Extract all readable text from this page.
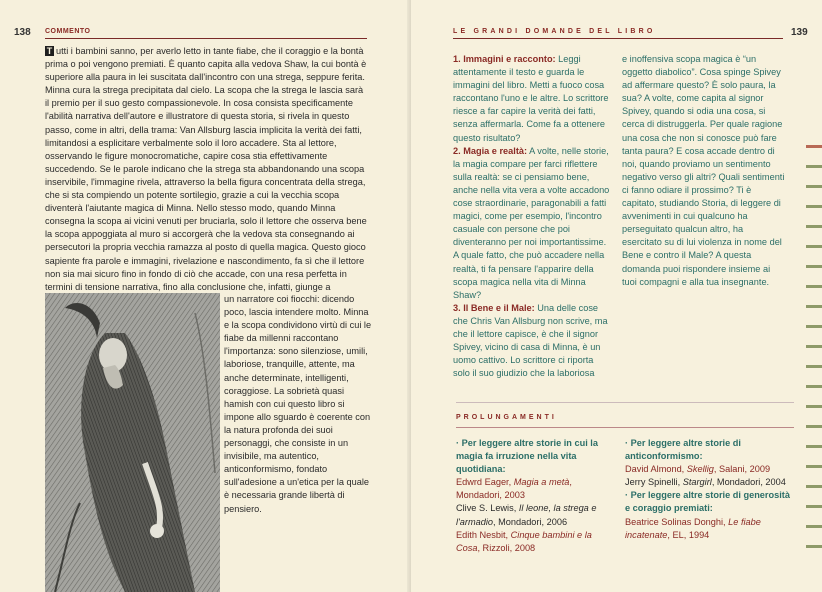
138 COMMENTO

T utti i bambini sanno, per averlo letto in tante fiabe, che il coraggio e la bontà prima o poi vengono premiati. È quanto capita alla vedova Shaw, la cui bontà è superiore alla paura in lei suscitata dall'incontro con una strega, seppure ferita. Minna cura la strega precipitata dal cielo. La scopa che la strega le lascia sarà il premio per il suo gesto compassionevole. In cosa consista specificamente l'abilità narrativa dell'autore e illustratore di questa storia, si rivela in questo passo, come in altri, della trama: Van Allsburg lascia implicita la verità dei fatti, limitandosi a esplicitare verbalmente solo il loro accadere. Sta al lettore, osservando le figure monocromatiche, capire cosa stia effettivamente succedendo. Se le parole indicano che la strega sta abbandonando una scopa inservibile, l'immagine rivela, attraverso la bella figura concentrata della strega, che si sta compiendo un potente sortilegio, grazie a cui la vecchia scopa diventerà l'aiutante magica di Minna. Nello stesso modo, quando Minna consegna la scopa ai vicini venuti per bruciarla, solo il lettore che osserva bene la scopa appoggiata al muro si accorgerà che la vedova sta consegnando ai persecutori la propria vecchia ramazza al posto di quella magica. Questo gioco sapiente fra parole e immagini, rivelazione e nascondimento, fa sì che il lettore non sia mai sicuro fino in fondo di ciò che accade, con una resa perfetta in termini di tensione narrativa, fino alla conclusione che, infatti, giunge a

un narratore coi fiocchi: dicendo poco, lascia intendere molto. Minna e la scopa condividono virtù di cui le fiabe da millenni raccontano l'importanza: sono silenziose, umili, laboriose, tranquille, attente, ma anche determinate, intelligenti, coraggiose. La sobrietà quasi hamish con cui questo libro si impone allo sguardo è coerente con la natura profonda dei suoi personaggi, che consiste in un invisibile, ma autentico, anticonformismo, fondato sull'adesione a un'etica per la quale è necessaria grande libertà di pensiero.

LE GRANDI DOMANDE DEL LIBRO	139

1. Immagini e racconto: Leggi attentamente il testo e guarda le immagini del libro. Metti a fuoco cosa raccontano l'uno e le altre. Lo scrittore riesce a far capire la verità dei fatti, senza affermarla. Come fa a ottenere questo risultato?
2. Magia e realtà: A volte, nelle storie, la magia compare per farci riflettere sulla realtà: se ci pensiamo bene, anche nella vita vera a volte accadono cose straordinarie, paragonabili a fatti magici, come per esempio, l'incontro casuale con persone che poi diventeranno per noi importantissime. A quale fatto, che può accadere nella realtà, ti fa pensare l'apparire della scopa magica nella vita di Minna Shaw?
3. Il Bene e il Male: Una delle cose che Chris Van Allsburg non scrive, ma che il lettore capisce, è che il signor Spivey, vicino di casa di Minna, è un uomo cattivo. Lo scrittore ci riporta solo il suo giudizio che la laboriosa

e inoffensiva scopa magica è “un oggetto diabolico”. Cosa spinge Spivey ad affermare questo? È solo paura, la sua? A volte, come capita al signor Spivey, quando si odia una cosa, si cerca di distruggerla. Per quale ragione una cosa che non si conosce può fare tanta paura? E cosa accade dentro di noi, quando proviamo un sentimento negativo verso gli altri? Quali sentimenti ci fanno odiare il prossimo? Ti è capitato, studiando Storia, di leggere di avvenimenti in cui qualcuno ha perseguitato qualcun altro, ha esercitato su di lui violenza in nome del Bene e contro il Male? A questa domanda puoi rispondere insieme ai tuoi compagni e alla tua insegnante.

PROLUNGAMENTI

· Per leggere altre storie in cui la magia fa irruzione nella vita quotidiana:
Edwrd Eager, Magia a metà, Mondadori, 2003
Clive S. Lewis, Il leone, la strega e l'armadio, Mondadori, 2006
Edith Nesbit, Cinque bambini e la Cosa, Rizzoli, 2008

· Per leggere altre storie di anticonformismo:
David Almond, Skellig, Salani, 2009
Jerry Spinelli, Stargirl, Mondadori, 2004
· Per leggere altre storie di generosità e coraggio premiati:
Beatrice Solinas Donghi, Le fiabe incatenate, EL, 1994
